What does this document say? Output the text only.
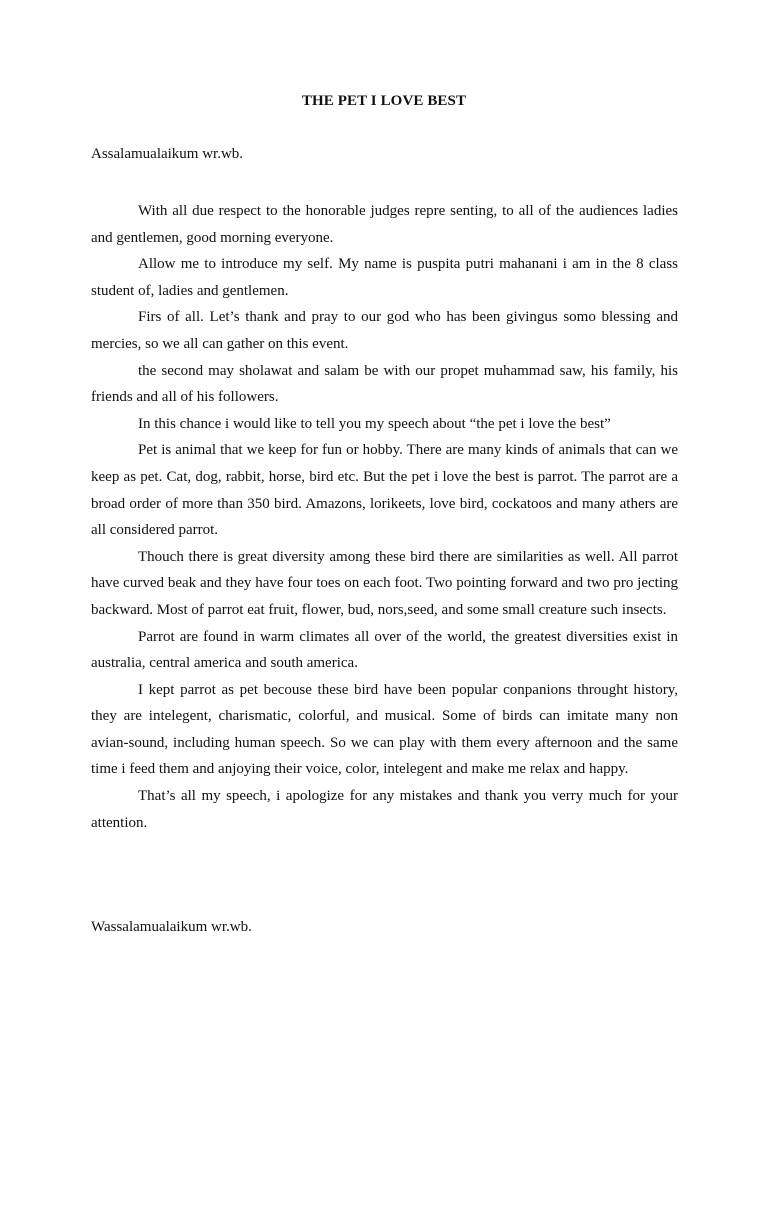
THE PET I LOVE BEST
Assalamualaikum wr.wb.

With all due respect to the honorable judges repre senting, to all of the audiences ladies and gentlemen, good morning everyone.

Allow me to introduce my self. My name is puspita putri mahanani i am in the 8 class student of, ladies and gentlemen.

Firs of all. Let’s thank and pray to our god who has been givingus somo blessing and mercies, so we all can gather on this event.

the second may sholawat and salam be with our propet muhammad saw, his family, his friends and all of his followers.

In this chance i would like to tell you my speech about “the pet i love the best”

Pet is animal that we keep for fun or hobby. There are many kinds of animals that can we keep as pet. Cat, dog, rabbit, horse, bird etc. But the pet i love the best is parrot. The parrot are a broad order of more than 350 bird. Amazons, lorikeets, love bird, cockatoos and many athers are all considered parrot.

Thouch there is great diversity among these bird there are similarities as well. All parrot have curved beak and they have four toes on each foot. Two pointing forward and two pro jecting backward. Most of parrot eat fruit, flower, bud, nors,seed, and some small creature such insects.

Parrot are found in warm climates all over of the world, the greatest diversities exist in australia, central america and south america.

I kept parrot as pet becouse these bird have been popular conpanions throught history, they are intelegent, charismatic, colorful, and musical. Some of birds can imitate many non avian-sound, including human speech. So we can play with them every afternoon and the same time i feed them and anjoying their voice, color, intelegent and make me relax and happy.

That’s all my speech, i apologize for any mistakes and thank you verry much for your attention.

Wassalamualaikum wr.wb.
